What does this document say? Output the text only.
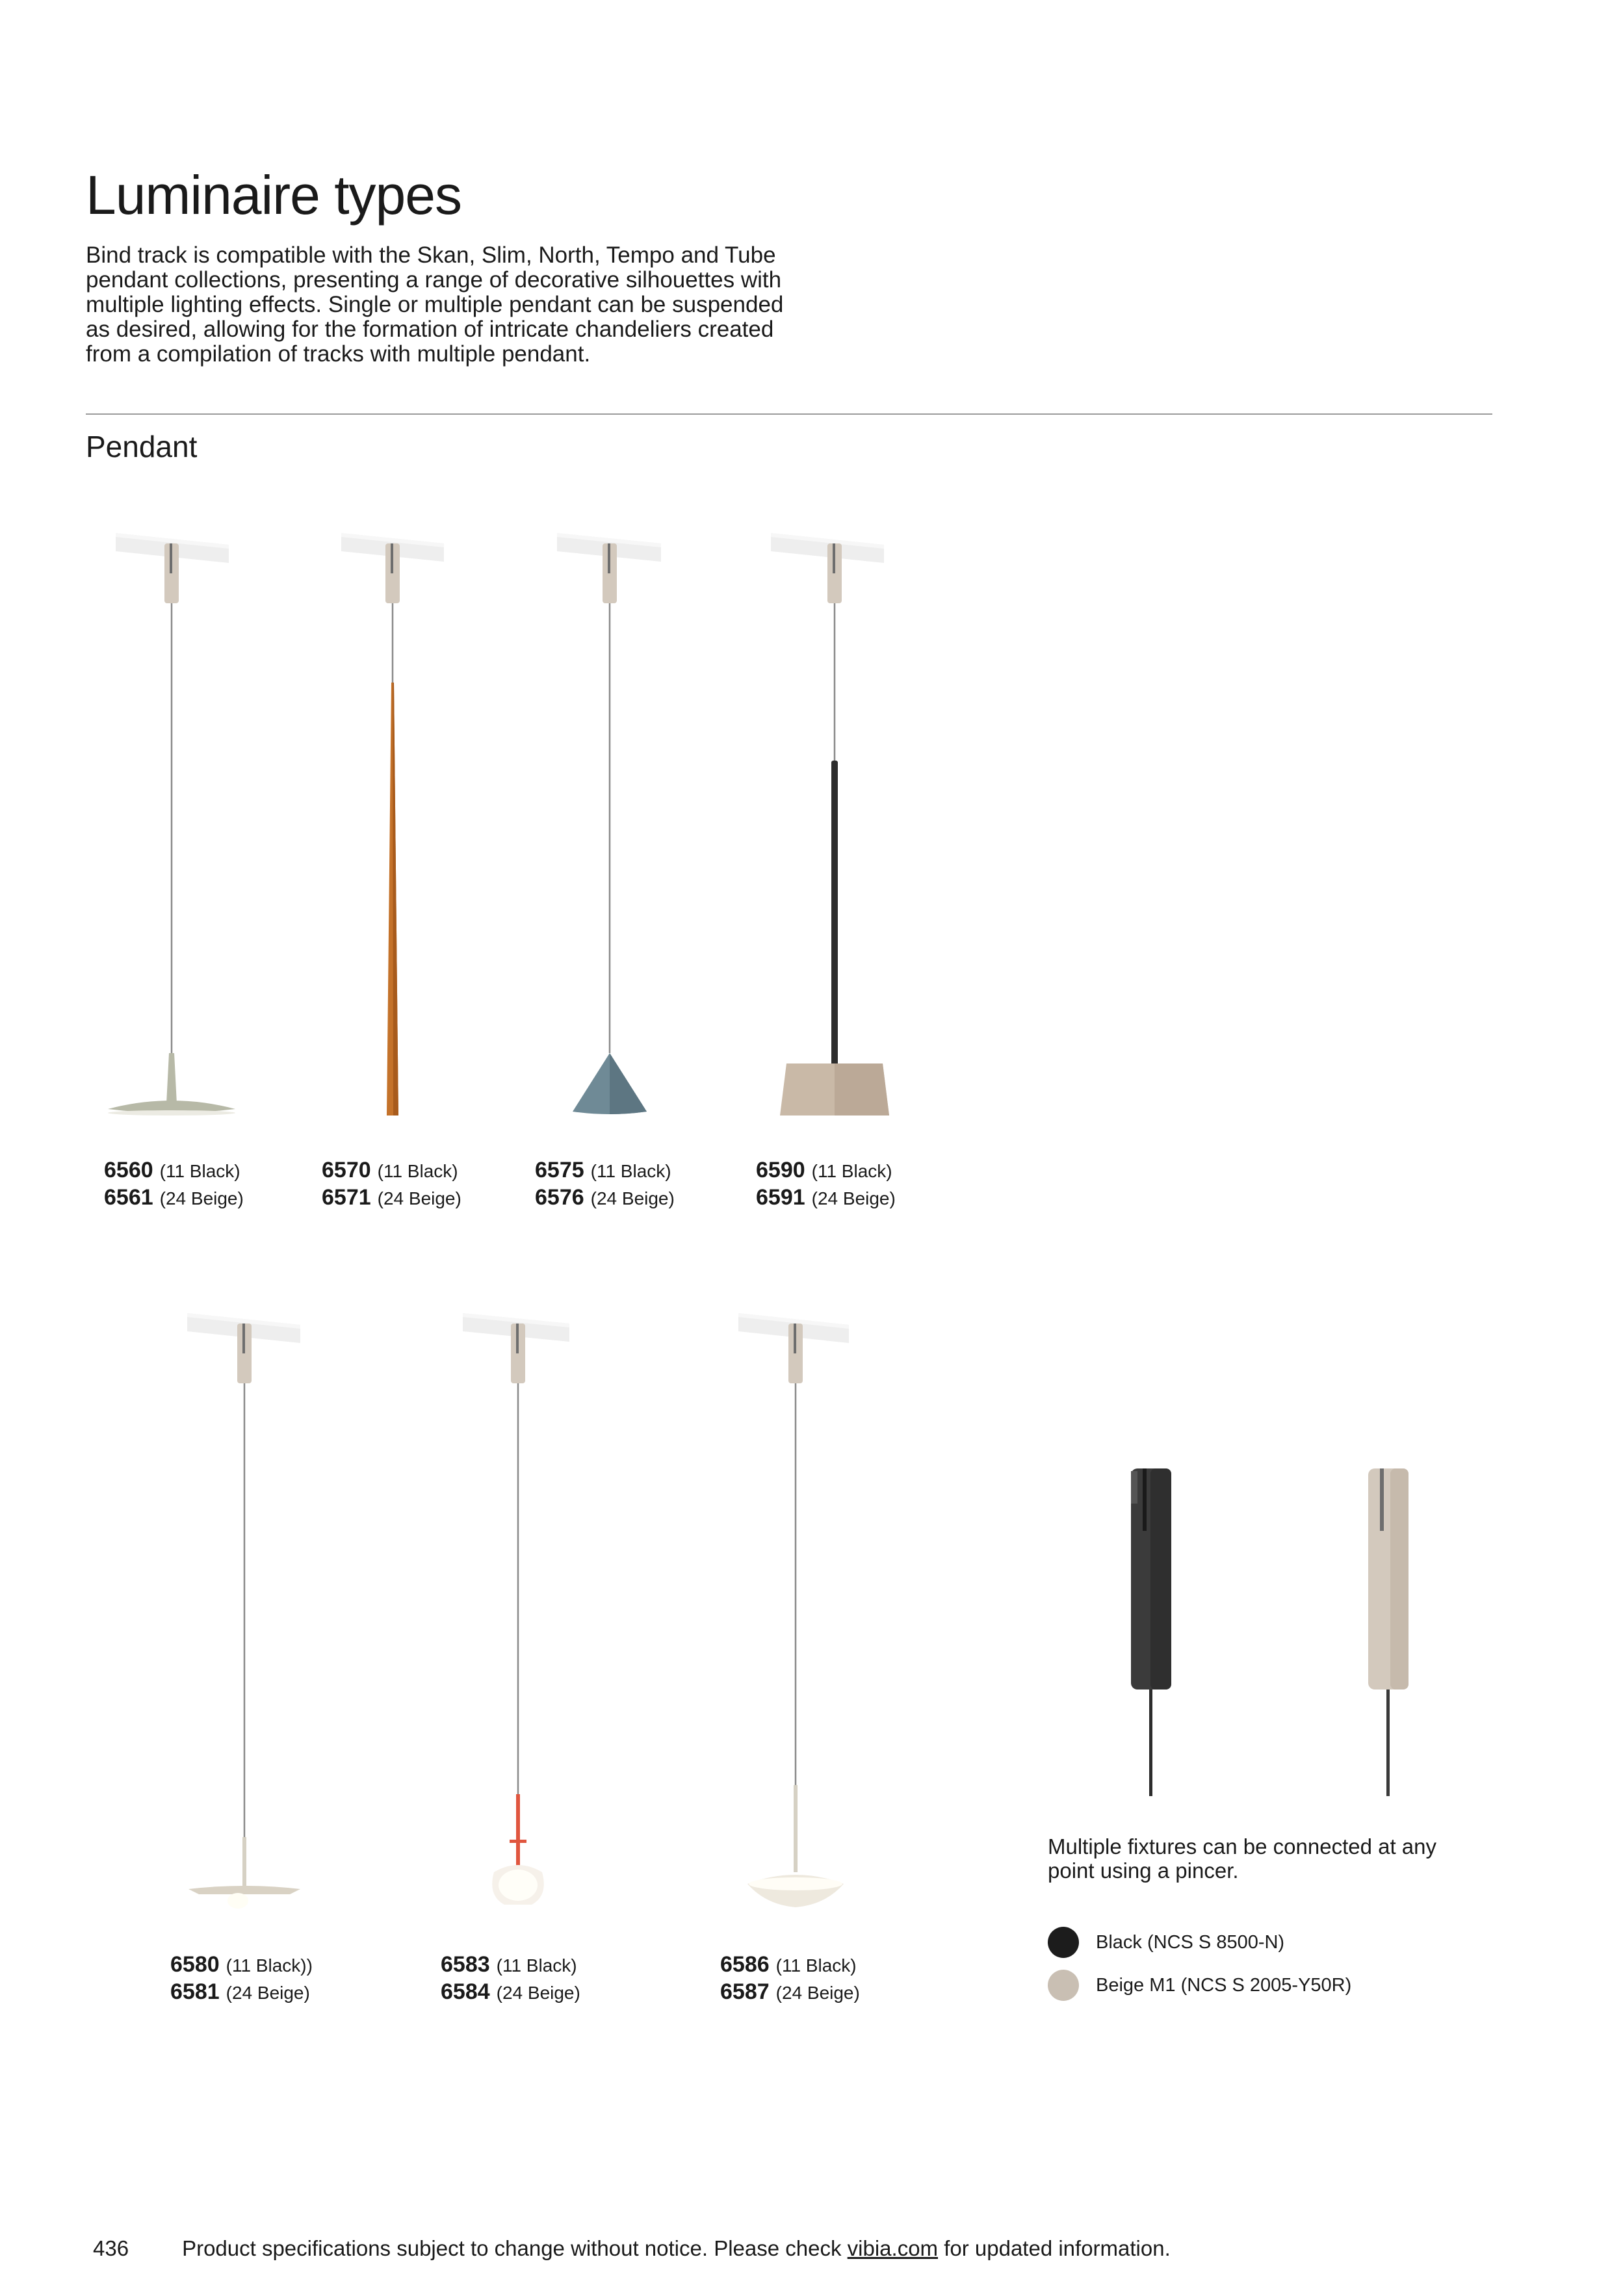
Luminaire types
Bind track is compatible with the Skan, Slim, North, Tempo and Tube
pendant collections, presenting a range of decorative silhouettes with
multiple lighting effects. Single or multiple pendant can be suspended
as desired, allowing for the formation of intricate chandeliers created
from a compilation of tracks with multiple pendant.
Pendant
6560 (11 Black)
6561 (24 Beige)
6570 (11 Black)
6571 (24 Beige)
6575 (11 Black)
6576 (24 Beige)
6590 (11 Black)
6591 (24 Beige)
6580 (11 Black))
6581 (24 Beige)
6583 (11 Black)
6584 (24 Beige)
6586 (11 Black)
6587 (24 Beige)
Multiple fixtures can be connected at any
point using a pincer.
Black (NCS S 8500-N)
Beige M1 (NCS S 2005-Y50R)
436 Product specifications subject to change without notice. Please check vibia.com for updated information.
